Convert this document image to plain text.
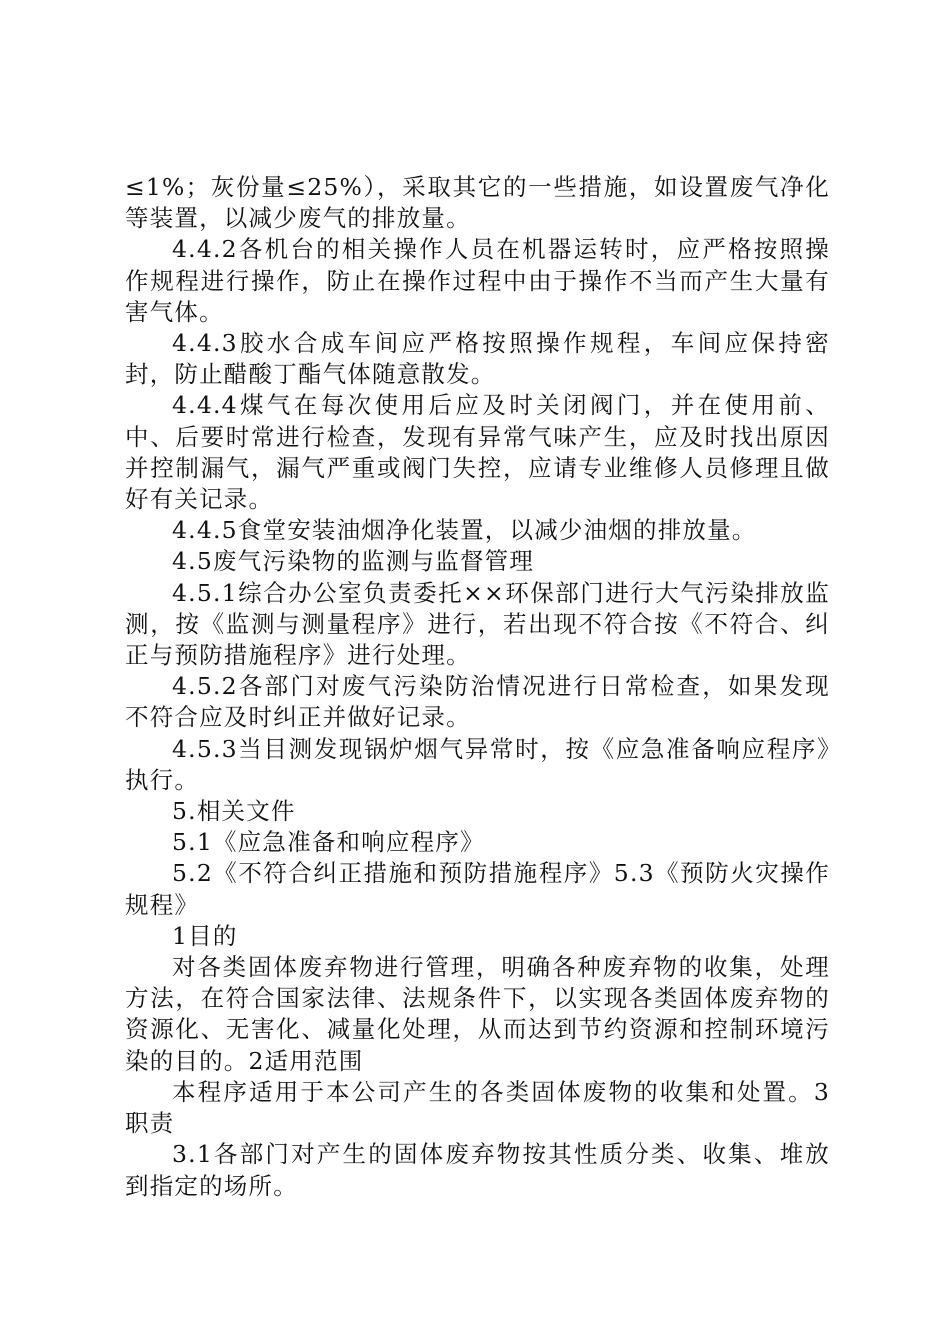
≤1%；灰份量≤25%），采取其它的一些措施，如设置废气净化等装置，以减少废气的排放量。

4.4.2各机台的相关操作人员在机器运转时，应严格按照操作规程进行操作，防止在操作过程中由于操作不当而产生大量有害气体。

4.4.3胶水合成车间应严格按照操作规程，车间应保持密封，防止醋酸丁酯气体随意散发。

4.4.4煤气在每次使用后应及时关闭阀门，并在使用前、中、后要时常进行检查，发现有异常气味产生，应及时找出原因并控制漏气，漏气严重或阀门失控，应请专业维修人员修理且做好有关记录。

4.4.5食堂安装油烟净化装置，以减少油烟的排放量。

4.5废气污染物的监测与监督管理

4.5.1综合办公室负责委托××环保部门进行大气污染排放监测，按《监测与测量程序》进行，若出现不符合按《不符合、纠正与预防措施程序》进行处理。

4.5.2各部门对废气污染防治情况进行日常检查，如果发现不符合应及时纠正并做好记录。

4.5.3当目测发现锅炉烟气异常时，按《应急准备响应程序》执行。

5.相关文件

5.1《应急准备和响应程序》

5.2《不符合纠正措施和预防措施程序》5.3《预防火灾操作规程》

1目的

对各类固体废弃物进行管理，明确各种废弃物的收集，处理方法，在符合国家法律、法规条件下，以实现各类固体废弃物的资源化、无害化、减量化处理，从而达到节约资源和控制环境污染的目的。2适用范围

本程序适用于本公司产生的各类固体废物的收集和处置。3职责

3.1各部门对产生的固体废弃物按其性质分类、收集、堆放到指定的场所。
